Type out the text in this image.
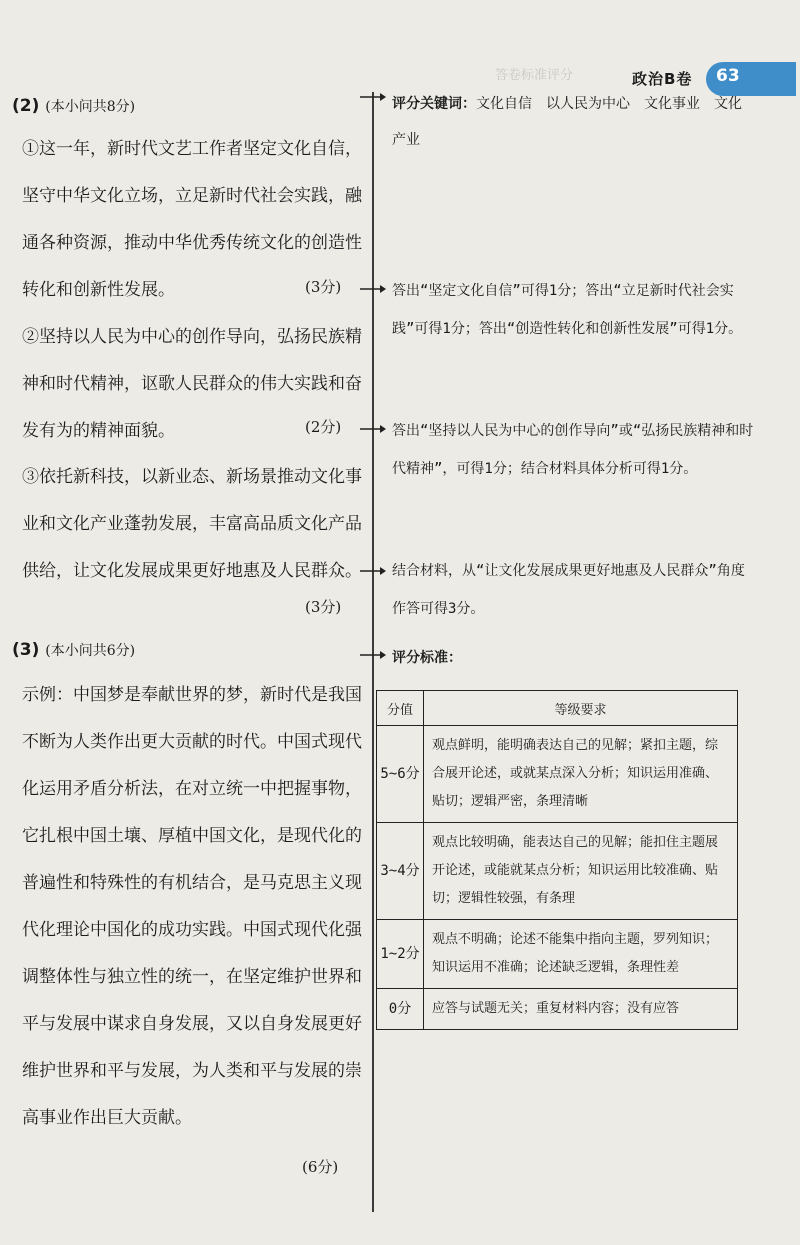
答卷标准评分	政治B卷 63
(2) (本小问共8分)
①这一年，新时代文艺工作者坚定文化自信，坚守中华文化立场，立足新时代社会实践，融通各种资源，推动中华优秀传统文化的创造性转化和创新性发展。	(3分)
②坚持以人民为中心的创作导向，弘扬民族精神和时代精神，讴歌人民群众的伟大实践和奋发有为的精神面貌。	(2分)
③依托新科技，以新业态、新场景推动文化事业和文化产业蓬勃发展，丰富高品质文化产品供给，让文化发展成果更好地惠及人民群众。
(3分)
(3) (本小问共6分)
示例：中国梦是奉献世界的梦，新时代是我国不断为人类作出更大贡献的时代。中国式现代化运用矛盾分析法，在对立统一中把握事物，它扎根中国土壤、厚植中国文化，是现代化的普遍性和特殊性的有机结合，是马克思主义现代化理论中国化的成功实践。中国式现代化强调整体性与独立性的统一，在坚定维护世界和平与发展中谋求自身发展，又以自身发展更好维护世界和平与发展，为人类和平与发展的崇高事业作出巨大贡献。
(6分)
评分关键词：文化自信　以人民为中心　文化事业　文化产业
答出“坚定文化自信”可得1分；答出“立足新时代社会实践”可得1分；答出“创造性转化和创新性发展”可得1分。
答出“坚持以人民为中心的创作导向”或“弘扬民族精神和时代精神”，可得1分；结合材料具体分析可得1分。
结合材料，从“让文化发展成果更好地惠及人民群众”角度作答可得3分。
评分标准：
分值	等级要求
5~6分	观点鲜明，能明确表达自己的见解；紧扣主题，综合展开论述，或就某点深入分析；知识运用准确、贴切；逻辑严密，条理清晰
3~4分	观点比较明确，能表达自己的见解；能扣住主题展开论述，或能就某点分析；知识运用比较准确、贴切；逻辑性较强，有条理
1~2分	观点不明确；论述不能集中指向主题，罗列知识；知识运用不准确；论述缺乏逻辑，条理性差
0分	应答与试题无关；重复材料内容；没有应答
